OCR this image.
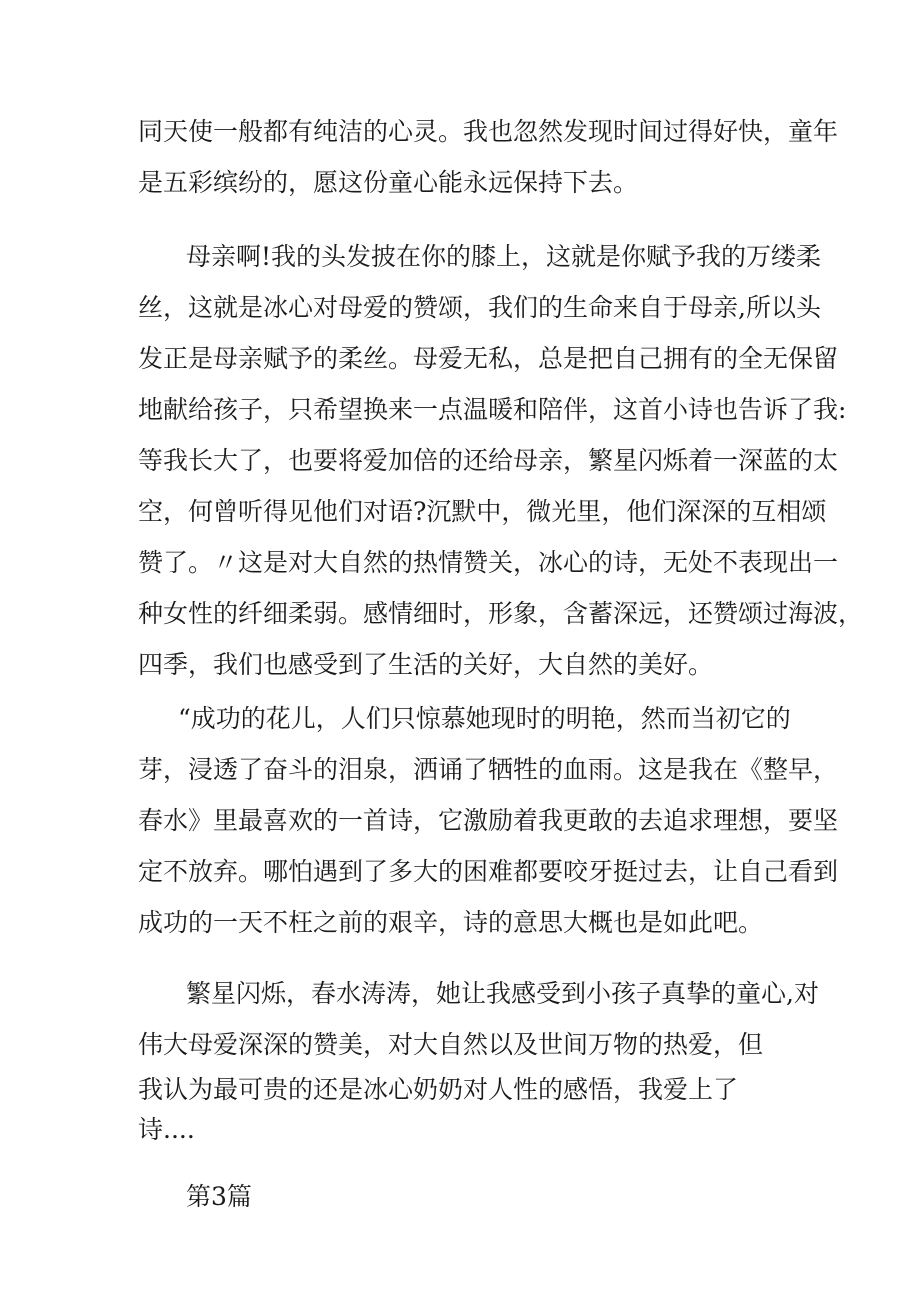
同天使一般都有纯洁的心灵。我也忽然发现时间过得好快，童年
是五彩缤纷的，愿这份童心能永远保持下去。
母亲啊!我的头发披在你的膝上，这就是你赋予我的万缕柔
丝，这就是冰心对母爱的赞颂，我们的生命来自于母亲,所以头
发正是母亲赋予的柔丝。母爱无私，总是把自己拥有的全无保留
地献给孩子，只希望换来一点温暖和陪伴，这首小诗也告诉了我:
等我长大了，也要将爱加倍的还给母亲，繁星闪烁着一深蓝的太
空，何曾听得见他们对语?沉默中，微光里，他们深深的互相颂
赞了。〃这是对大自然的热情赞关，冰心的诗，无处不表现出一
种女性的纤细柔弱。感情细时，形象，含蓄深远，还赞颂过海波，
四季，我们也感受到了生活的关好，大自然的美好。
“成功的花儿，人们只惊慕她现时的明艳，然而当初它的
芽，浸透了奋斗的泪泉，洒诵了牺牲的血雨。这是我在《整早，
春水》里最喜欢的一首诗，它激励着我更敢的去追求理想，要坚
定不放弃。哪怕遇到了多大的困难都要咬牙挺过去，让自己看到
成功的一天不枉之前的艰辛，诗的意思大概也是如此吧。
繁星闪烁，春水涛涛，她让我感受到小孩子真挚的童心,对
伟大母爱深深的赞美，对大自然以及世间万物的热爱，但
我认为最可贵的还是冰心奶奶对人性的感悟，我爱上了
诗....
第3篇
